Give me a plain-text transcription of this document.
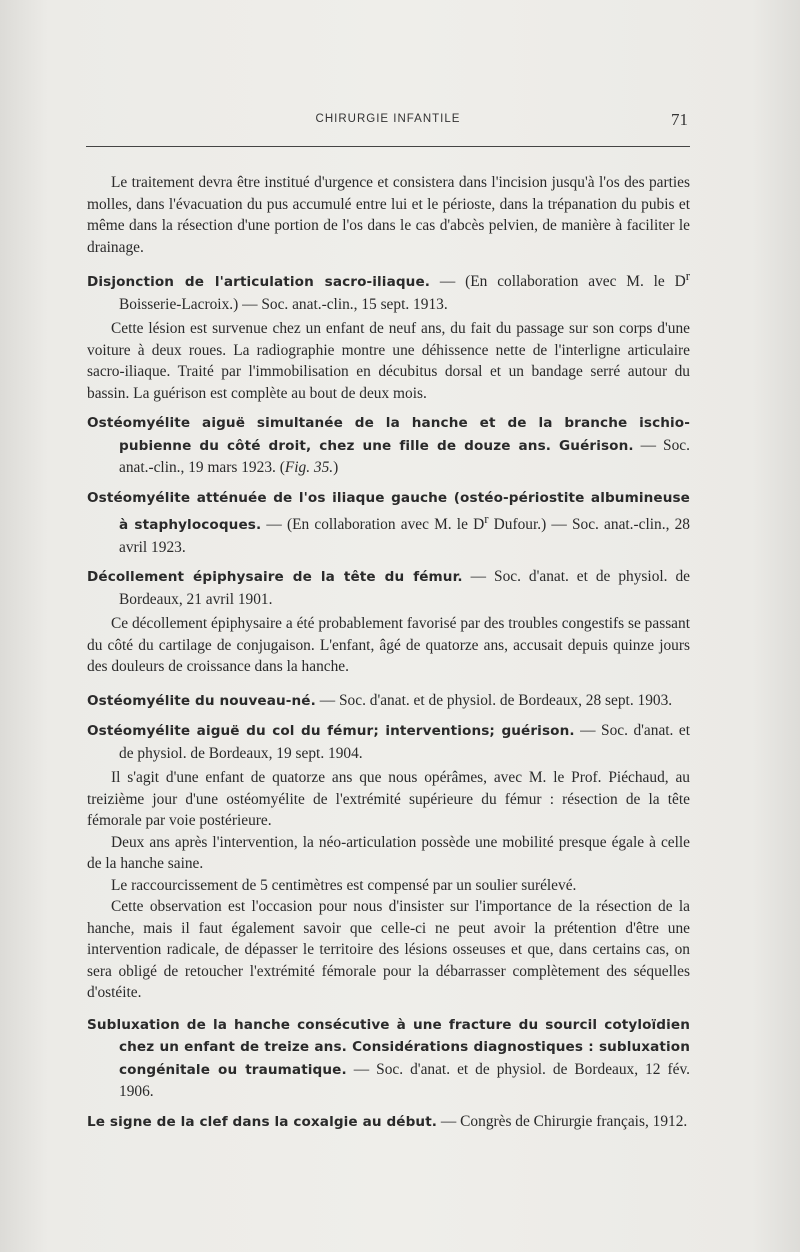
CHIRURGIE INFANTILE	71

Le traitement devra être institué d'urgence et consistera dans l'incision jusqu'à l'os des parties molles, dans l'évacuation du pus accumulé entre lui et le périoste, dans la trépanation du pubis et même dans la résection d'une portion de l'os dans le cas d'abcès pelvien, de manière à faciliter le drainage.

Disjonction de l'articulation sacro-iliaque. — (En collaboration avec M. le $D^r$ Boisserie-Lacroix.) — Soc. anat.-clin., 15 sept. 1913.

Cette lésion est survenue chez un enfant de neuf ans, du fait du passage sur son corps d'une voiture à deux roues. La radiographie montre une déhissence nette de l'interligne articulaire sacro-iliaque. Traité par l'immobilisation en décubitus dorsal et un bandage serré autour du bassin. La guérison est complète au bout de deux mois.

Ostéomyélite aiguë simultanée de la hanche et de la branche ischio-pubienne du côté droit, chez une fille de douze ans. Guérison. — Soc. anat.-clin., 19 mars 1923. (Fig. 35.)

Ostéomyélite atténuée de l'os iliaque gauche (ostéo-périostite albumineuse à staphylocoques. — (En collaboration avec M. le $D^r$ Dufour.) — Soc. anat.-clin., 28 avril 1923.

Décollement épiphysaire de la tête du fémur. — Soc. d'anat. et de physiol. de Bordeaux, 21 avril 1901.

Ce décollement épiphysaire a été probablement favorisé par des troubles congestifs se passant du côté du cartilage de conjugaison. L'enfant, âgé de quatorze ans, accusait depuis quinze jours des douleurs de croissance dans la hanche.

Ostéomyélite du nouveau-né. — Soc. d'anat. et de physiol. de Bordeaux, 28 sept. 1903.

Ostéomyélite aiguë du col du fémur; interventions; guérison. — Soc. d'anat. et de physiol. de Bordeaux, 19 sept. 1904.

Il s'agit d'une enfant de quatorze ans que nous opérâmes, avec M. le Prof. Piéchaud, au treizième jour d'une ostéomyélite de l'extrémité supérieure du fémur : résection de la tête fémorale par voie postérieure.

Deux ans après l'intervention, la néo-articulation possède une mobilité presque égale à celle de la hanche saine.

Le raccourcissement de 5 centimètres est compensé par un soulier surélevé.

Cette observation est l'occasion pour nous d'insister sur l'importance de la résection de la hanche, mais il faut également savoir que celle-ci ne peut avoir la prétention d'être une intervention radicale, de dépasser le territoire des lésions osseuses et que, dans certains cas, on sera obligé de retoucher l'extrémité fémorale pour la débarrasser complètement des séquelles d'ostéite.

Subluxation de la hanche consécutive à une fracture du sourcil cotyloïdien chez un enfant de treize ans. Considérations diagnostiques : subluxation congénitale ou traumatique. — Soc. d'anat. et de physiol. de Bordeaux, 12 fév. 1906.

Le signe de la clef dans la coxalgie au début. — Congrès de Chirurgie français, 1912.
